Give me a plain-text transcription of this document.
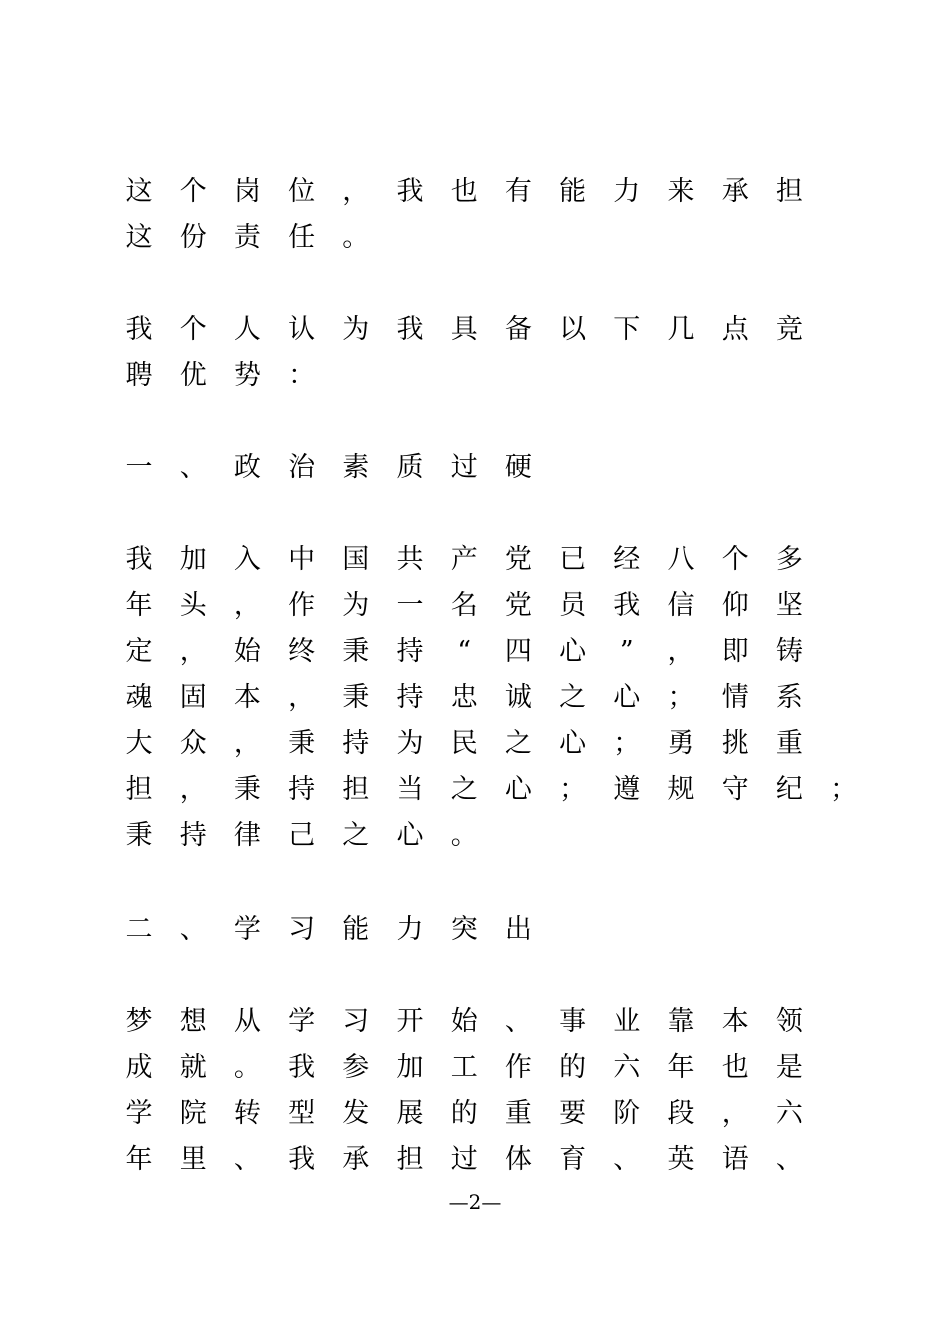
这 个 岗 位 ， 我 也 有 能 力 来 承 担
这 份 责 任 。
我 个 人 认 为 我 具 备 以 下 几 点 竞
聘 优 势 ：
一 、 政 治 素 质 过 硬
我 加 入 中 国 共 产 党 已 经 八 个 多
年 头 ， 作 为 一 名 党 员 我 信 仰 坚
定 ， 始 终 秉 持 “ 四 心 ” ， 即 铸
魂 固 本 ， 秉 持 忠 诚 之 心 ； 情 系
大 众 ， 秉 持 为 民 之 心 ； 勇 挑 重
担 ， 秉 持 担 当 之 心 ； 遵 规 守 纪 ；
秉 持 律 己 之 心 。
二 、 学 习 能 力 突 出
梦 想 从 学 习 开 始 、 事 业 靠 本 领
成 就 。 我 参 加 工 作 的 六 年 也 是
学 院 转 型 发 展 的 重 要 阶 段 ， 六
年 里 、 我 承 担 过 体 育 、 英 语 、
—2—
